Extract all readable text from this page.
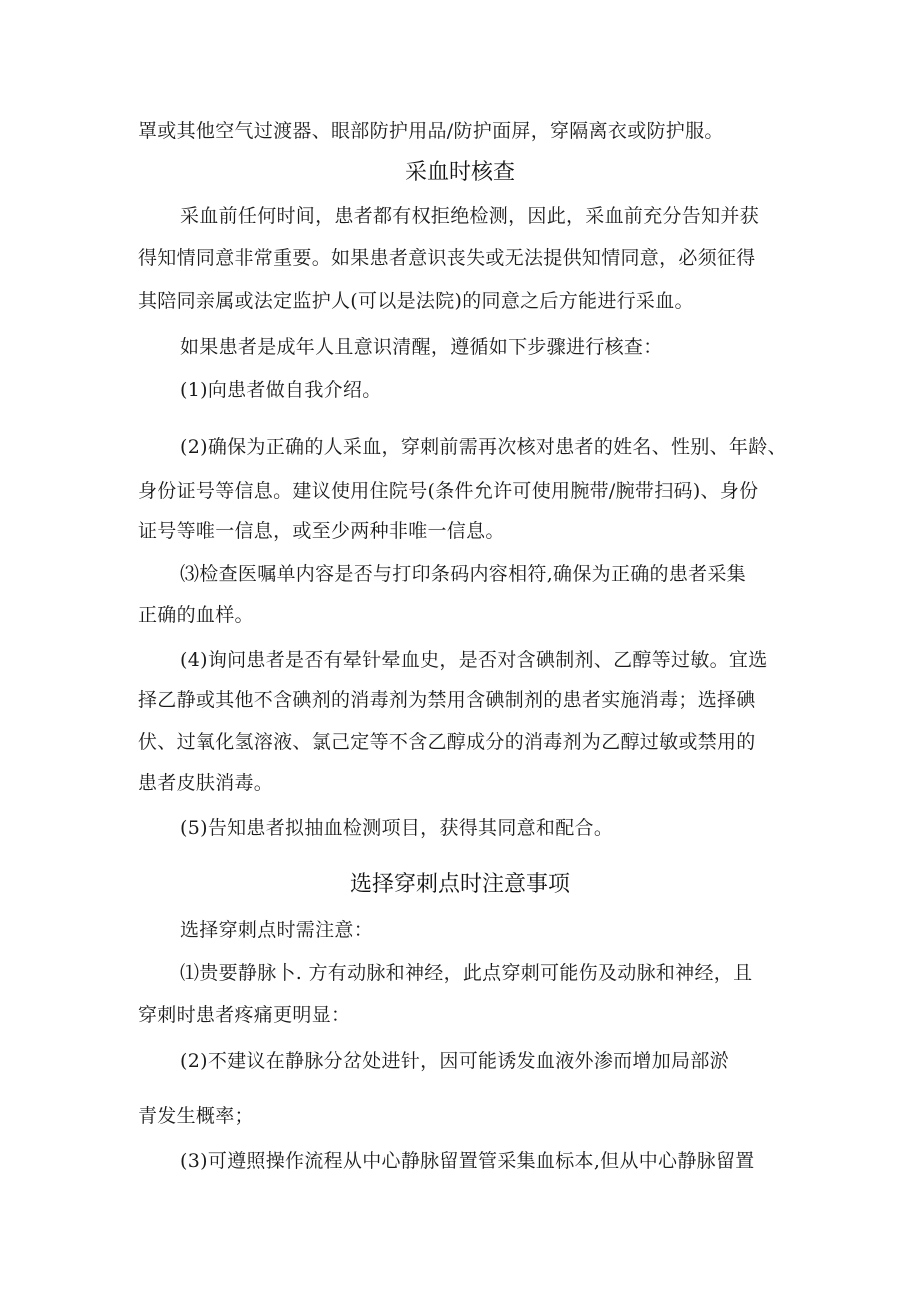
罩或其他空气过渡器、眼部防护用品/防护面屏，穿隔离衣或防护服。
采血时核查
采血前任何时间，患者都有权拒绝检测，因此，采血前充分告知并获
得知情同意非常重要。如果患者意识丧失或无法提供知情同意，必须征得
其陪同亲属或法定监护人(可以是法院)的同意之后方能进行采血。
如果患者是成年人且意识清醒，遵循如下步骤进行核查：
(1)向患者做自我介绍。
(2)确保为正确的人采血，穿刺前需再次核对患者的姓名、性别、年龄、
身份证号等信息。建议使用住院号(条件允许可使用腕带/腕带扫码)、身份
证号等唯一信息，或至少两种非唯一信息。
⑶检查医嘱单内容是否与打印条码内容相符,确保为正确的患者采集
正确的血样。
(4)询问患者是否有晕针晕血史，是否对含碘制剂、乙醇等过敏。宜选
择乙静或其他不含碘剂的消毒剂为禁用含碘制剂的患者实施消毒；选择碘
伏、过氧化氢溶液、氯己定等不含乙醇成分的消毒剂为乙醇过敏或禁用的
患者皮肤消毒。
(5)告知患者拟抽血检测项目，获得其同意和配合。
选择穿刺点时注意事项
选择穿刺点时需注意：
⑴贵要静脉卜. 方有动脉和神经，此点穿刺可能伤及动脉和神经，且
穿刺时患者疼痛更明显：
(2)不建议在静脉分岔处进针，因可能诱发血液外渗而增加局部淤
青发生概率；
(3)可遵照操作流程从中心静脉留置管采集血标本,但从中心静脉留置
